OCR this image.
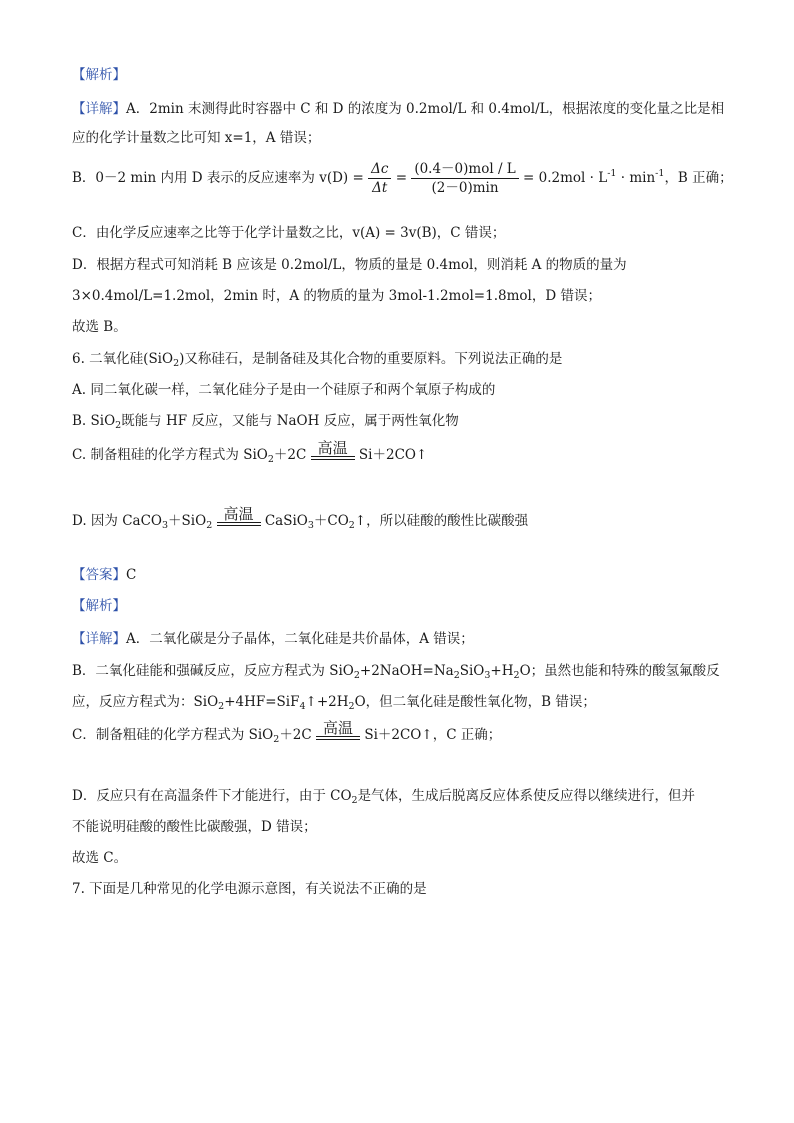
【解析】
【详解】A．2min 末测得此时容器中 C 和 D 的浓度为 0.2mol/L 和 0.4mol/L，根据浓度的变化量之比是相
应的化学计量数之比可知 x=1，A 错误；
B．0－2 min 内用 D 表示的反应速率为 $v(D) = \frac{\Delta c}{\Delta t} = \frac{\text{(0.4－0)mol / L}}{(2-0)\min} = 0.2mol \cdot L^{-1} \cdot \min^{-1}$，B 正确；
C．由化学反应速率之比等于化学计量数之比，v(A) = 3v(B)，C 错误；
D．根据方程式可知消耗 B 应该是 0.2mol/L，物质的量是 0.4mol，则消耗 A 的物质的量为
3×0.4mol/L=1.2mol，2min 时，A 的物质的量为 3mol-1.2mol=1.8mol，D 错误；
故选 B。
6. 二氧化硅(SiO$_2$)又称硅石，是制备硅及其化合物的重要原料。下列说法正确的是
A. 同二氧化碳一样，二氧化硅分子是由一个硅原子和两个氧原子构成的
B. SiO$_2$既能与 HF 反应，又能与 NaOH 反应，属于两性氧化物
C. 制备粗硅的化学方程式为 SiO$_2$＋2C 高温 Si＋2CO↑
D. 因为 CaCO$_3$＋SiO$_2$
高温 $CaSiO_3+CO_2↑$，所以硅酸的酸性比碳酸强
【答案】C
【解析】
【详解】A．二氧化碳是分子晶体，二氧化硅是共价晶体，A 错误；
B．二氧化硅能和强碱反应，反应方程式为 $SiO_2+2NaOH=Na_2SiO_3+H_2O$；虽然也能和特殊的酸氢氟酸反
应，反应方程式为：$SiO_2+4HF=SiF_4↑+2H_2O$，但二氧化硅是酸性氧化物，B 错误；
C．制备粗硅的化学方程式为 SiO$_2$＋2C 高温 Si＋2CO↑，C 正确；
D．反应只有在高温条件下才能进行，由于 $CO_2$是气体，生成后脱离反应体系使反应得以继续进行，但并
不能说明硅酸的酸性比碳酸强，D 错误；
故选 C。
7. 下面是几种常见的化学电源示意图，有关说法不正确的是
